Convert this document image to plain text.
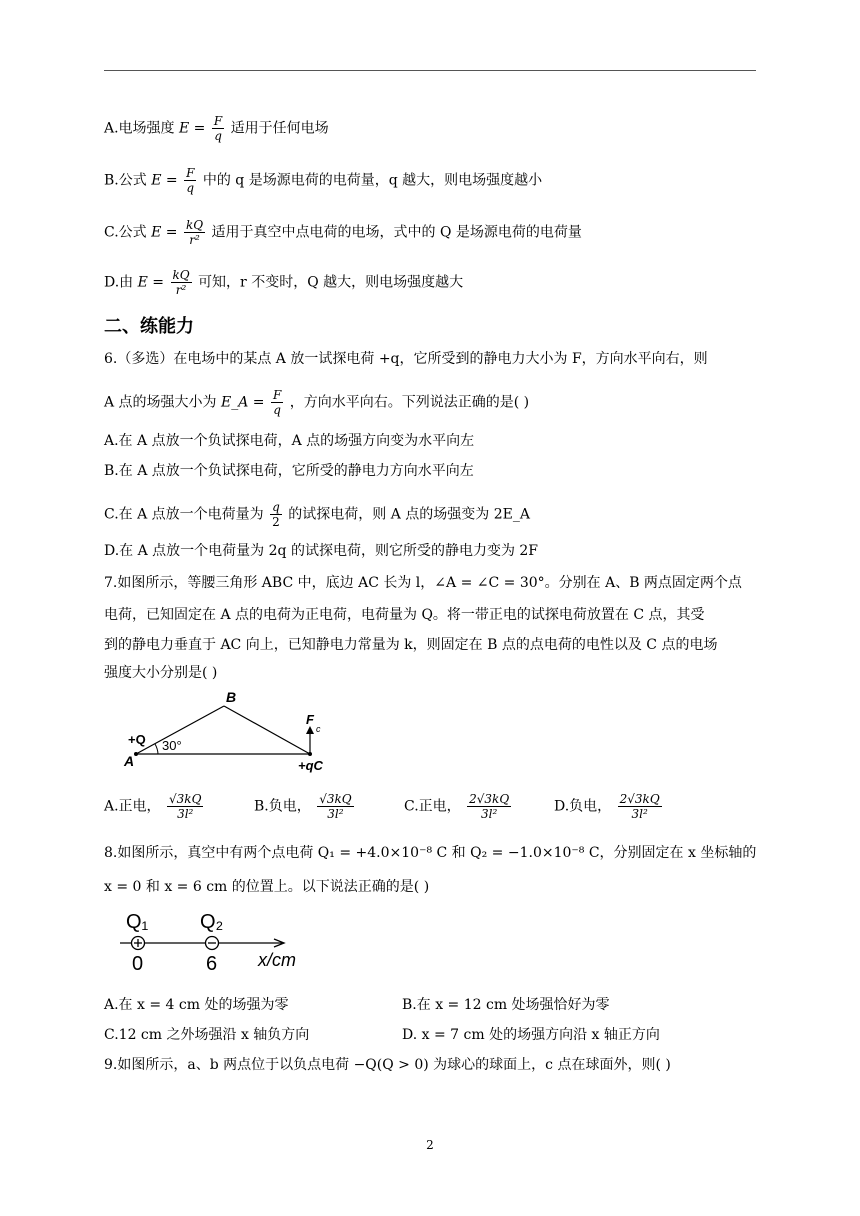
A.电场强度 $E = \frac{F}{q}$ 适用于任何电场
B.公式 $E = \frac{F}{q}$ 中的 q 是场源电荷的电荷量，q 越大，则电场强度越小
C.公式 $E = \frac{kQ}{\text{r²}}$ 适用于真空中点电荷的电场，式中的 Q 是场源电荷的电荷量
D.由 $E = \frac{kQ}{\text{r²}}$ 可知，r 不变时，Q 越大，则电场强度越大
二、练能力
6.（多选）在电场中的某点 A 放一试探电荷 +q，它所受到的静电力大小为 F，方向水平向右，则
A 点的场强大小为 E_A = $\frac{F}{q}$ ，方向水平向右。下列说法正确的是( )
A.在 A 点放一个负试探电荷，A 点的场强方向变为水平向左
B.在 A 点放一个负试探电荷，它所受的静电力方向水平向左
C.在 A 点放一个电荷量为 $\frac{q}{2}$ 的试探电荷，则 A 点的场强变为 2E_A
D.在 A 点放一个电荷量为 2q 的试探电荷，则它所受的静电力变为 2F
7.如图所示，等腰三角形 ABC 中，底边 AC 长为 l，∠A = ∠C = 30°。分别在 A、B 两点固定两个点
电荷，已知固定在 A 点的电荷为正电荷，电荷量为 Q。将一带正电的试探电荷放置在 C 点，其受
到的静电力垂直于 AC 向上，已知静电力常量为 k，则固定在 B 点的点电荷的电性以及 C 点的电场
强度大小分别是( )
B
+Q 30°
A
F
c
+qC
A.正电， $\frac{√3kQ}{\text{3l²}}$	B.负电， $\frac{√3kQ}{\text{3l²}}$	C.正电， $\frac{2√3kQ}{\text{3l²}}$	D.负电， $\frac{2√3kQ}{\text{3l²}}$
8.如图所示，真空中有两个点电荷 Q₁ = +4.0×10⁻⁸ C 和 Q₂ = −1.0×10⁻⁸ C，分别固定在 x 坐标轴的
x = 0 和 x = 6 cm 的位置上。以下说法正确的是( )
Q₁	Q₂
0	6 x/cm
A.在 x = 4 cm 处的场强为零	B.在 x = 12 cm 处场强恰好为零
C.12 cm 之外场强沿 x 轴负方向	D. x = 7 cm 处的场强方向沿 x 轴正方向
9.如图所示，a、b 两点位于以负点电荷 −Q(Q > 0) 为球心的球面上，c 点在球面外，则( )
2
